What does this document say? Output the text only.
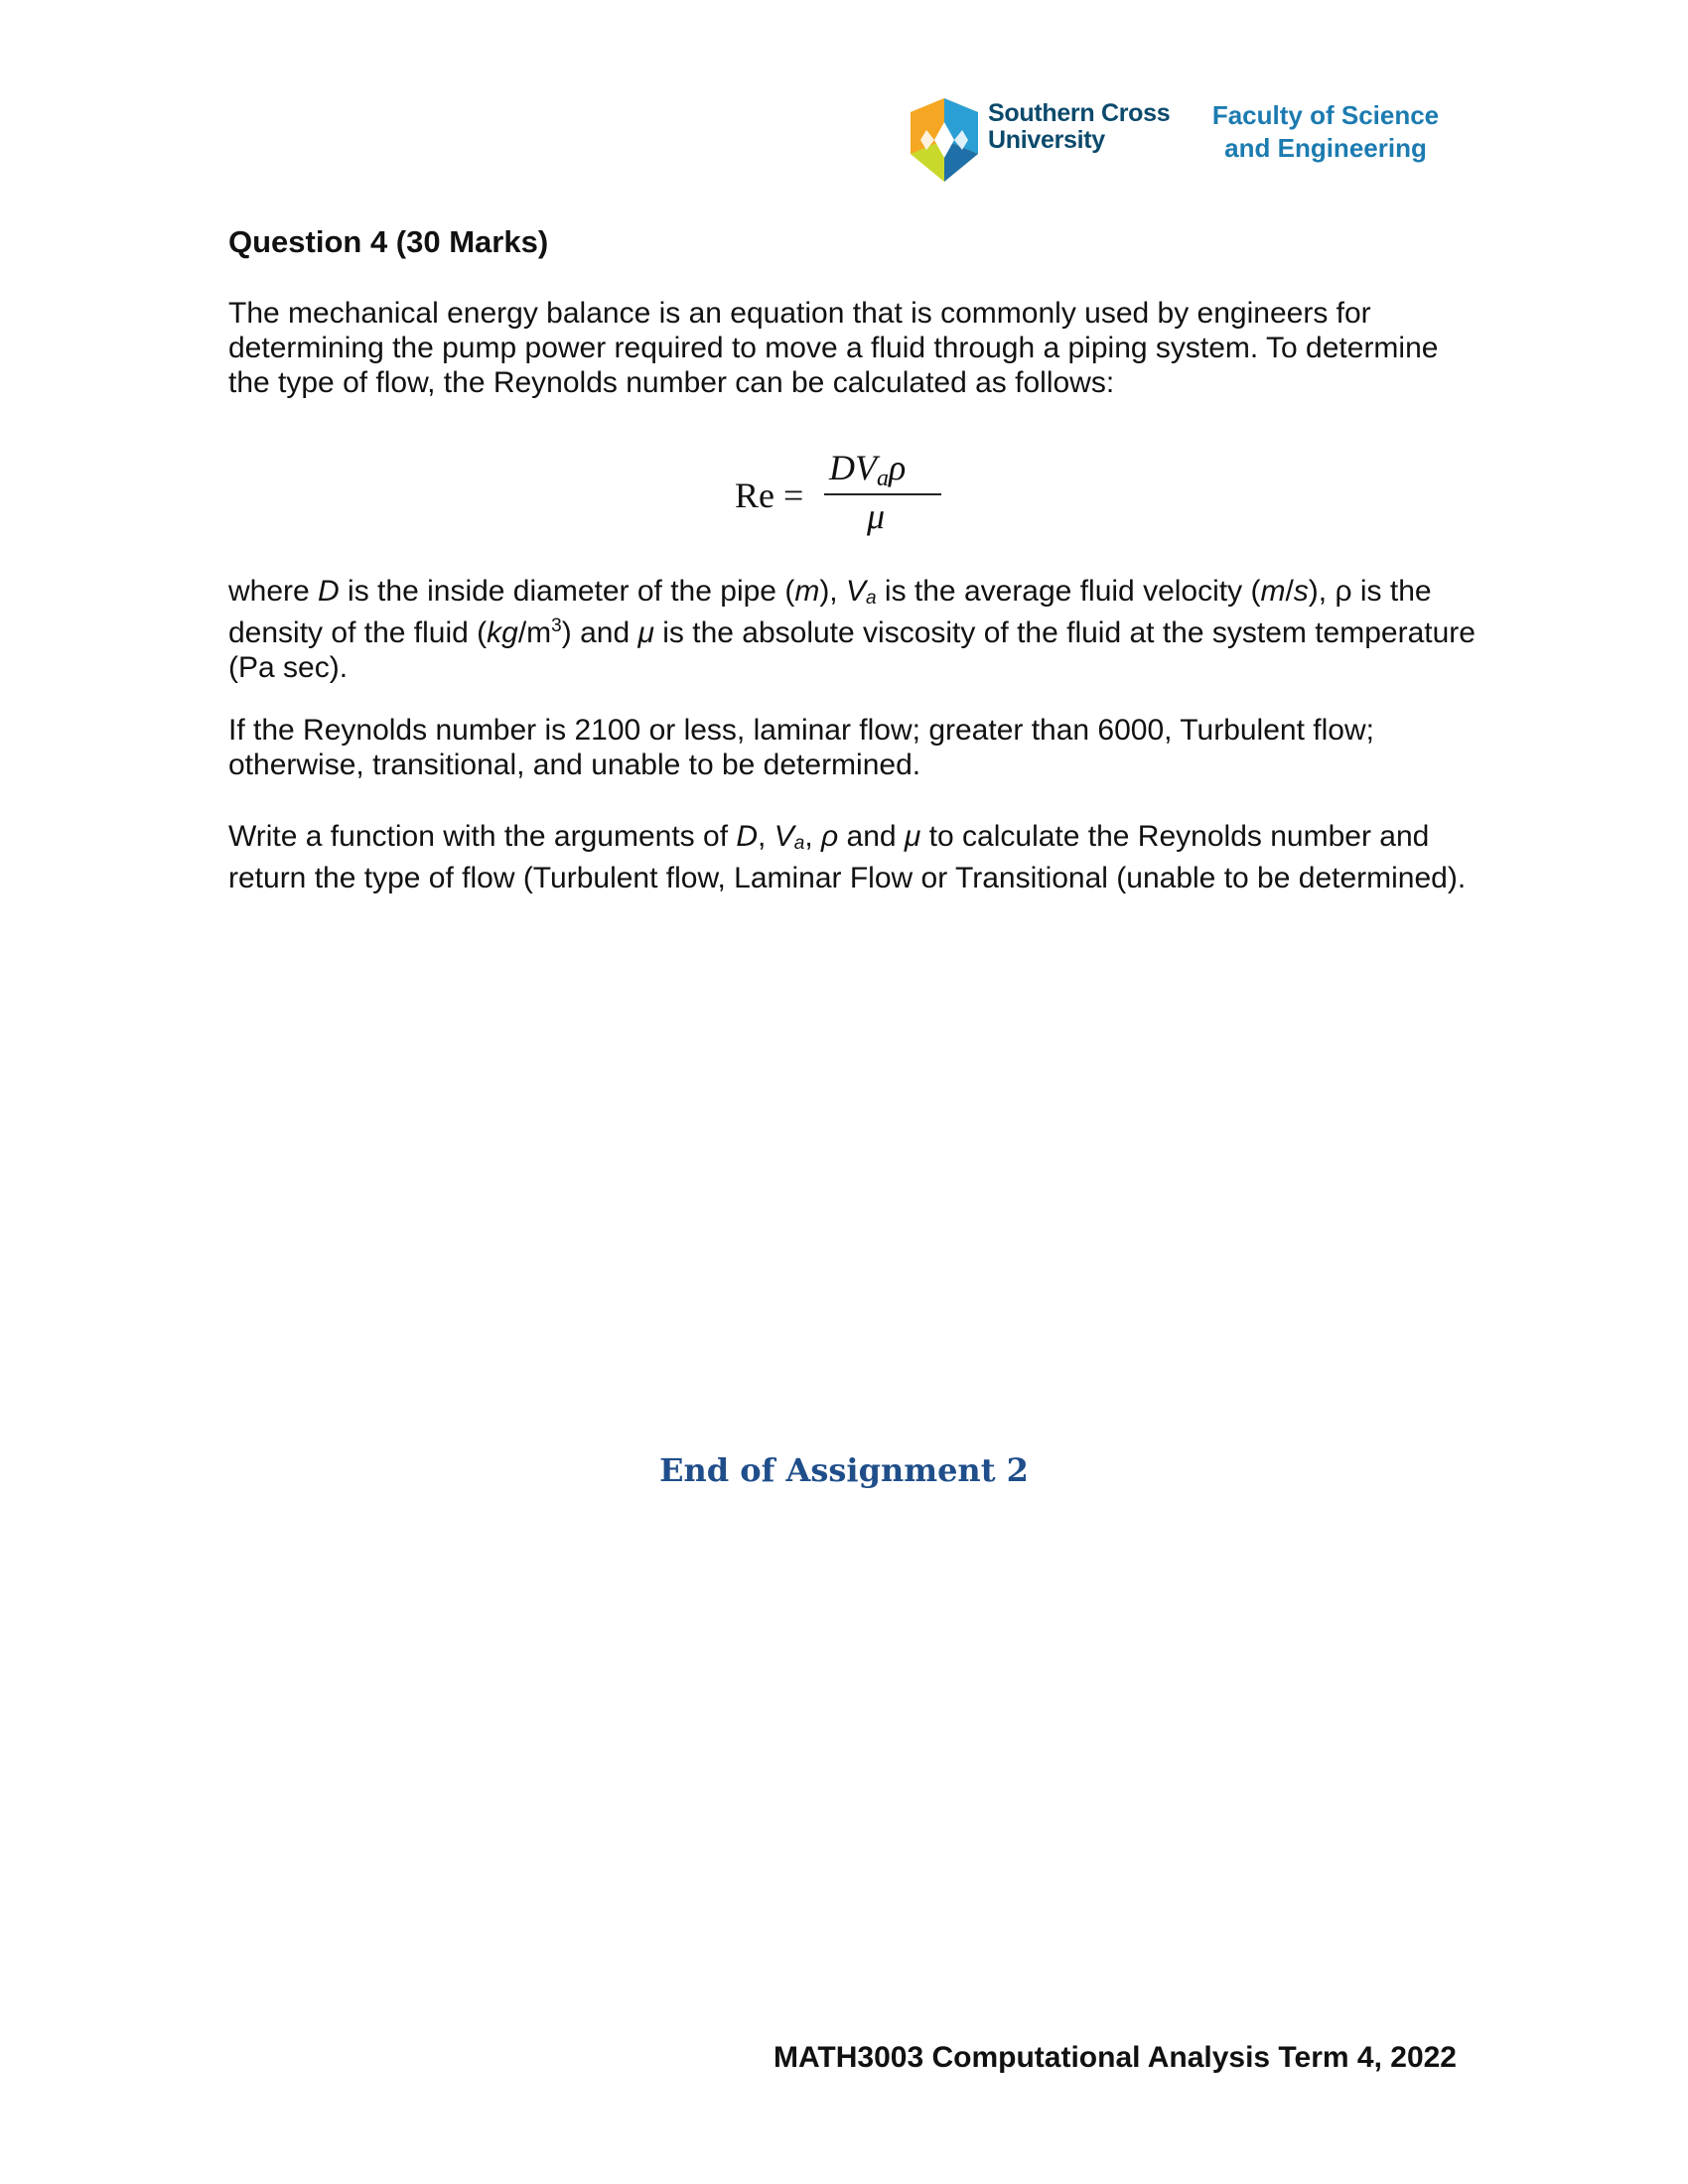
Southern Cross
University
Faculty of Science
and Engineering
Question 4 (30 Marks)

The mechanical energy balance is an equation that is commonly used by engineers for determining the pump power required to move a fluid through a piping system. To determine the type of flow, the Reynolds number can be calculated as follows:

Re =
$DV_a\rho$
μ

where D is the inside diameter of the pipe (m), Va is the average fluid velocity (m/s), ρ is the density of the fluid $(kg/m^3)$ and μ is the absolute viscosity of the fluid at the system temperature (Pa sec).

If the Reynolds number is 2100 or less, laminar flow; greater than 6000, Turbulent flow; otherwise, transitional, and unable to be determined.

Write a function with the arguments of D, Va, ρ and μ to calculate the Reynolds number and return the type of flow (Turbulent flow, Laminar Flow or Transitional (unable to be determined).

End of Assignment 2
MATH3003 Computational Analysis Term 4, 2022
